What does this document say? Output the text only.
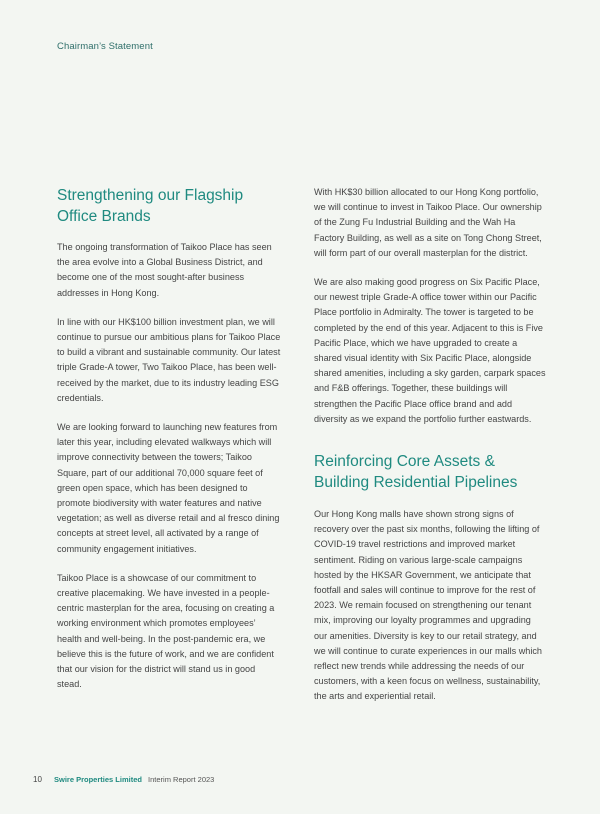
Chairman’s Statement
Strengthening our Flagship Office Brands

The ongoing transformation of Taikoo Place has seen the area evolve into a Global Business District, and become one of the most sought-after business addresses in Hong Kong.

In line with our HK$100 billion investment plan, we will continue to pursue our ambitious plans for Taikoo Place to build a vibrant and sustainable community. Our latest triple Grade-A tower, Two Taikoo Place, has been well-received by the market, due to its industry leading ESG credentials.

We are looking forward to launching new features from later this year, including elevated walkways which will improve connectivity between the towers; Taikoo Square, part of our additional 70,000 square feet of green open space, which has been designed to promote biodiversity with water features and native vegetation; as well as diverse retail and al fresco dining concepts at street level, all activated by a range of community engagement initiatives.

Taikoo Place is a showcase of our commitment to creative placemaking. We have invested in a people-centric masterplan for the area, focusing on creating a working environment which promotes employees’ health and well-being. In the post-pandemic era, we believe this is the future of work, and we are confident that our vision for the district will stand us in good stead.

With HK$30 billion allocated to our Hong Kong portfolio, we will continue to invest in Taikoo Place. Our ownership of the Zung Fu Industrial Building and the Wah Ha Factory Building, as well as a site on Tong Chong Street, will form part of our overall masterplan for the district.

We are also making good progress on Six Pacific Place, our newest triple Grade-A office tower within our Pacific Place portfolio in Admiralty. The tower is targeted to be completed by the end of this year. Adjacent to this is Five Pacific Place, which we have upgraded to create a shared visual identity with Six Pacific Place, alongside shared amenities, including a sky garden, carpark spaces and F&B offerings. Together, these buildings will strengthen the Pacific Place office brand and add diversity as we expand the portfolio further eastwards.

Reinforcing Core Assets & Building Residential Pipelines

Our Hong Kong malls have shown strong signs of recovery over the past six months, following the lifting of COVID-19 travel restrictions and improved market sentiment. Riding on various large-scale campaigns hosted by the HKSAR Government, we anticipate that footfall and sales will continue to improve for the rest of 2023. We remain focused on strengthening our tenant mix, improving our loyalty programmes and upgrading our amenities. Diversity is key to our retail strategy, and we will continue to curate experiences in our malls which reflect new trends while addressing the needs of our customers, with a keen focus on wellness, sustainability, the arts and experiential retail.

10 Swire Properties Limited Interim Report 2023
